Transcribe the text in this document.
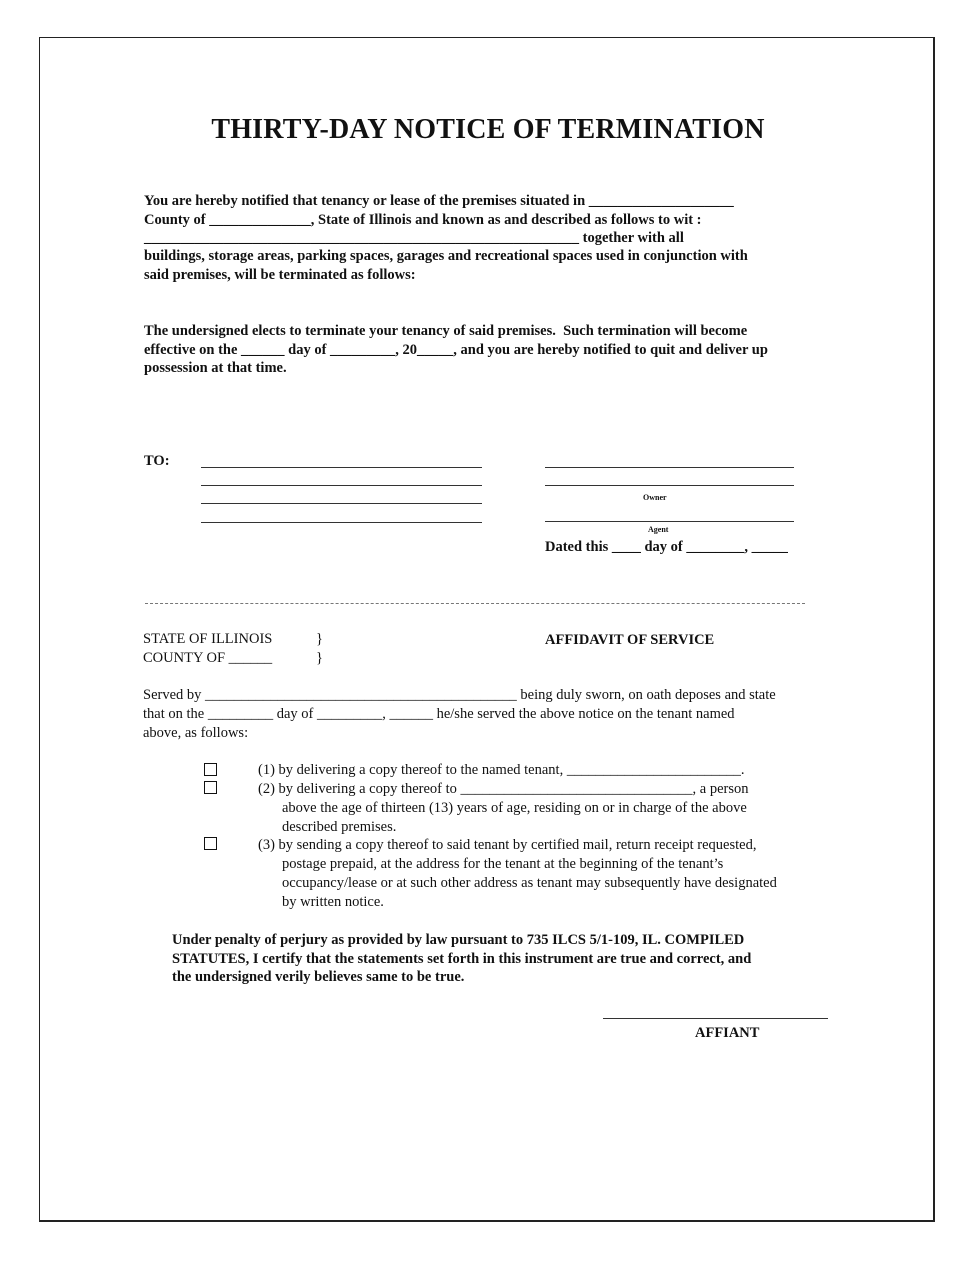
THIRTY-DAY NOTICE OF TERMINATION
You are hereby notified that tenancy or lease of the premises situated in ____________________
County of ______________, State of Illinois and known as and described as follows to wit :
____________________________________________________________ together with all
buildings, storage areas, parking spaces, garages and recreational spaces used in conjunction with
said premises, will be terminated as follows:
The undersigned elects to terminate your tenancy of said premises.  Such termination will become
effective on the ______ day of _________, 20_____, and you are hereby notified to quit and deliver up
possession at that time.
TO:
Owner
Agent
Dated this ____ day of ________, _____
STATE OF ILLINOIS
COUNTY OF ______
}
}
AFFIDAVIT OF SERVICE
Served by ___________________________________________ being duly sworn, on oath deposes and state
that on the _________ day of _________, ______ he/she served the above notice on the tenant named
above, as follows:
(1) by delivering a copy thereof to the named tenant, ________________________.
(2) by delivering a copy thereof to ________________________________, a person
above the age of thirteen (13) years of age, residing on or in charge of the above
described premises.
(3) by sending a copy thereof to said tenant by certified mail, return receipt requested,
postage prepaid, at the address for the tenant at the beginning of the tenant’s
occupancy/lease or at such other address as tenant may subsequently have designated
by written notice.
Under penalty of perjury as provided by law pursuant to 735 ILCS 5/1-109, IL. COMPILED
STATUTES, I certify that the statements set forth in this instrument are true and correct, and
the undersigned verily believes same to be true.
AFFIANT
